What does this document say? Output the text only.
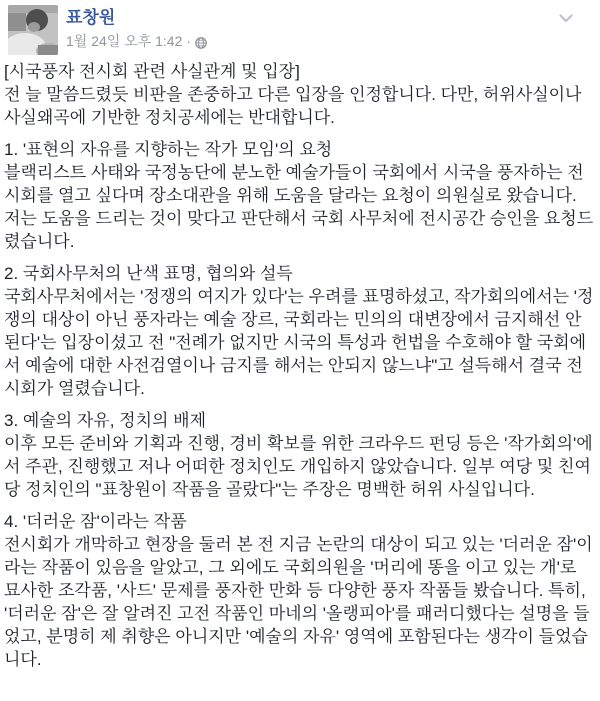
표창원
1월 24일 오후 1:42 ·
[시국풍자 전시회 관련 사실관계 및 입장]
전 늘 말씀드렸듯 비판을 존중하고 다른 입장을 인정합니다. 다만, 허위사실이나 사실왜곡에 기반한 정치공세에는 반대합니다.
1. '표현의 자유를 지향하는 작가 모임'의 요청
블랙리스트 사태와 국정농단에 분노한 예술가들이 국회에서 시국을 풍자하는 전시회를 열고 싶다며 장소대관을 위해 도움을 달라는 요청이 의원실로 왔습니다. 저는 도움을 드리는 것이 맞다고 판단해서 국회 사무처에 전시공간 승인을 요청드렸습니다.
2. 국회사무처의 난색 표명, 협의와 설득
국회사무처에서는 '정쟁의 여지가 있다'는 우려를 표명하셨고, 작가회의에서는 '정쟁의 대상이 아닌 풍자라는 예술 장르, 국회라는 민의의 대변장에서 금지해선 안된다'는 입장이셨고 전 "전례가 없지만 시국의 특성과 헌법을 수호해야 할 국회에서 예술에 대한 사전검열이나 금지를 해서는 안되지 않느냐"고 설득해서 결국 전시회가 열렸습니다.
3. 예술의 자유, 정치의 배제
이후 모든 준비와 기획과 진행, 경비 확보를 위한 크라우드 펀딩 등은 '작가회의'에서 주관, 진행했고 저나 어떠한 정치인도 개입하지 않았습니다. 일부 여당 및 친여당 정치인의 "표창원이 작품을 골랐다"는 주장은 명백한 허위 사실입니다.
4. '더러운 잠'이라는 작품
전시회가 개막하고 현장을 둘러 본 전 지금 논란의 대상이 되고 있는 '더러운 잠'이라는 작품이 있음을 알았고, 그 외에도 국회의원을 '머리에 똥을 이고 있는 개'로 묘사한 조각품, '사드' 문제를 풍자한 만화 등 다양한 풍자 작품들 봤습니다. 특히, '더러운 잠'은 잘 알려진 고전 작품인 마네의 '올랭피아'를 패러디했다는 설명을 들었고, 분명히 제 취향은 아니지만 '예술의 자유' 영역에 포함된다는 생각이 들었습니다.
